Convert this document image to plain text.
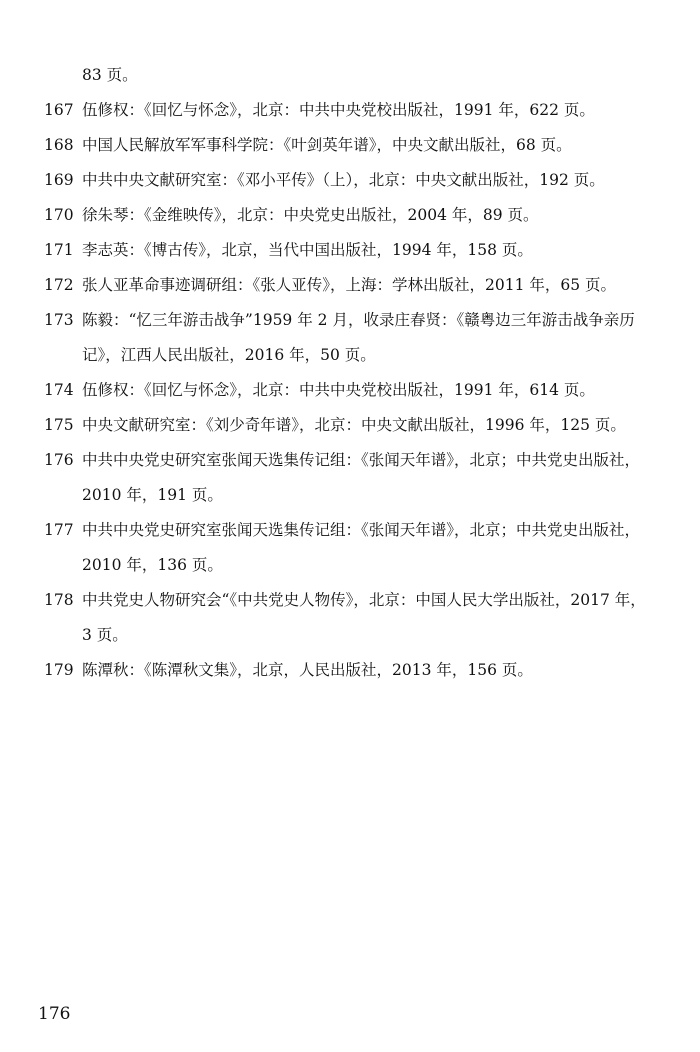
83 页。
167 伍修权：《回忆与怀念》，北京：中共中央党校出版社，1991 年，622 页。
168 中国人民解放军军事科学院：《叶剑英年谱》，中央文献出版社，68 页。
169 中共中央文献研究室：《邓小平传》（上），北京：中央文献出版社，192 页。
170 徐朱琴：《金维映传》，北京：中央党史出版社，2004 年，89 页。
171 李志英：《博古传》，北京，当代中国出版社，1994 年，158 页。
172 张人亚革命事迹调研组：《张人亚传》，上海：学林出版社，2011 年，65 页。
173 陈毅：“忆三年游击战争”1959 年 2 月，收录庄春贤：《赣粤边三年游击战争亲历
记》，江西人民出版社，2016 年，50 页。
174 伍修权：《回忆与怀念》，北京：中共中央党校出版社，1991 年，614 页。
175 中央文献研究室：《刘少奇年谱》，北京：中央文献出版社，1996 年，125 页。
176 中共中央党史研究室张闻天选集传记组：《张闻天年谱》，北京；中共党史出版社，
2010 年，191 页。
177 中共中央党史研究室张闻天选集传记组：《张闻天年谱》，北京；中共党史出版社，
2010 年，136 页。
178 中共党史人物研究会“《中共党史人物传》，北京：中国人民大学出版社，2017 年，
3 页。
179 陈潭秋：《陈潭秋文集》，北京，人民出版社，2013 年，156 页。
176
